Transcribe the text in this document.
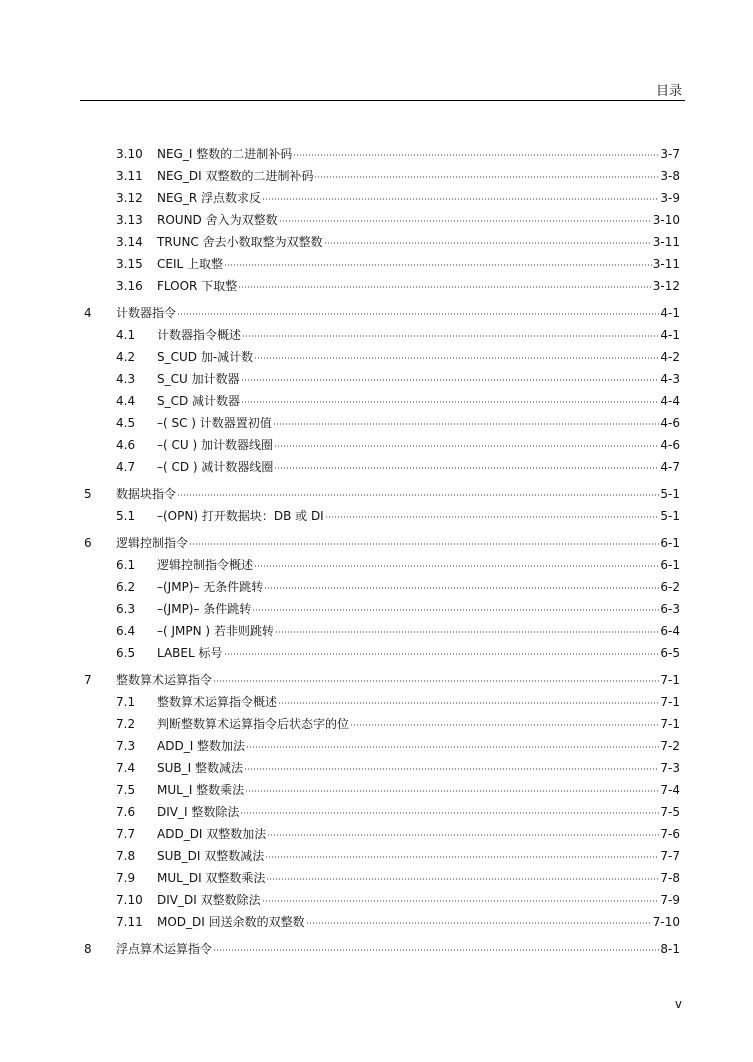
目录
3.10	NEG_I 整数的二进制补码	3-7
3.11	NEG_DI 双整数的二进制补码	3-8
3.12	NEG_R 浮点数求反	3-9
3.13	ROUND 舍入为双整数	3-10
3.14	TRUNC 舍去小数取整为双整数	3-11
3.15	CEIL 上取整	3-11
3.16	FLOOR 下取整	3-12
4	计数器指令	4-1
4.1	计数器指令概述	4-1
4.2	S_CUD 加-减计数	4-2
4.3	S_CU 加计数器	4-3
4.4	S_CD 减计数器	4-4
4.5	–( SC ) 计数器置初值	4-6
4.6	–( CU ) 加计数器线圈	4-6
4.7	–( CD ) 减计数器线圈	4-7
5	数据块指令	5-1
5.1	–(OPN) 打开数据块：DB 或 DI	5-1
6	逻辑控制指令	6-1
6.1	逻辑控制指令概述	6-1
6.2	–(JMP)– 无条件跳转	6-2
6.3	–(JMP)– 条件跳转	6-3
6.4	–( JMPN ) 若非则跳转	6-4
6.5	LABEL 标号	6-5
7	整数算术运算指令	7-1
7.1	整数算术运算指令概述	7-1
7.2	判断整数算术运算指令后状态字的位	7-1
7.3	ADD_I 整数加法	7-2
7.4	SUB_I 整数减法	7-3
7.5	MUL_I 整数乘法	7-4
7.6	DIV_I 整数除法	7-5
7.7	ADD_DI 双整数加法	7-6
7.8	SUB_DI 双整数减法	7-7
7.9	MUL_DI 双整数乘法	7-8
7.10	DIV_DI 双整数除法	7-9
7.11	MOD_DI 回送余数的双整数	7-10
8	浮点算术运算指令	8-1
v
